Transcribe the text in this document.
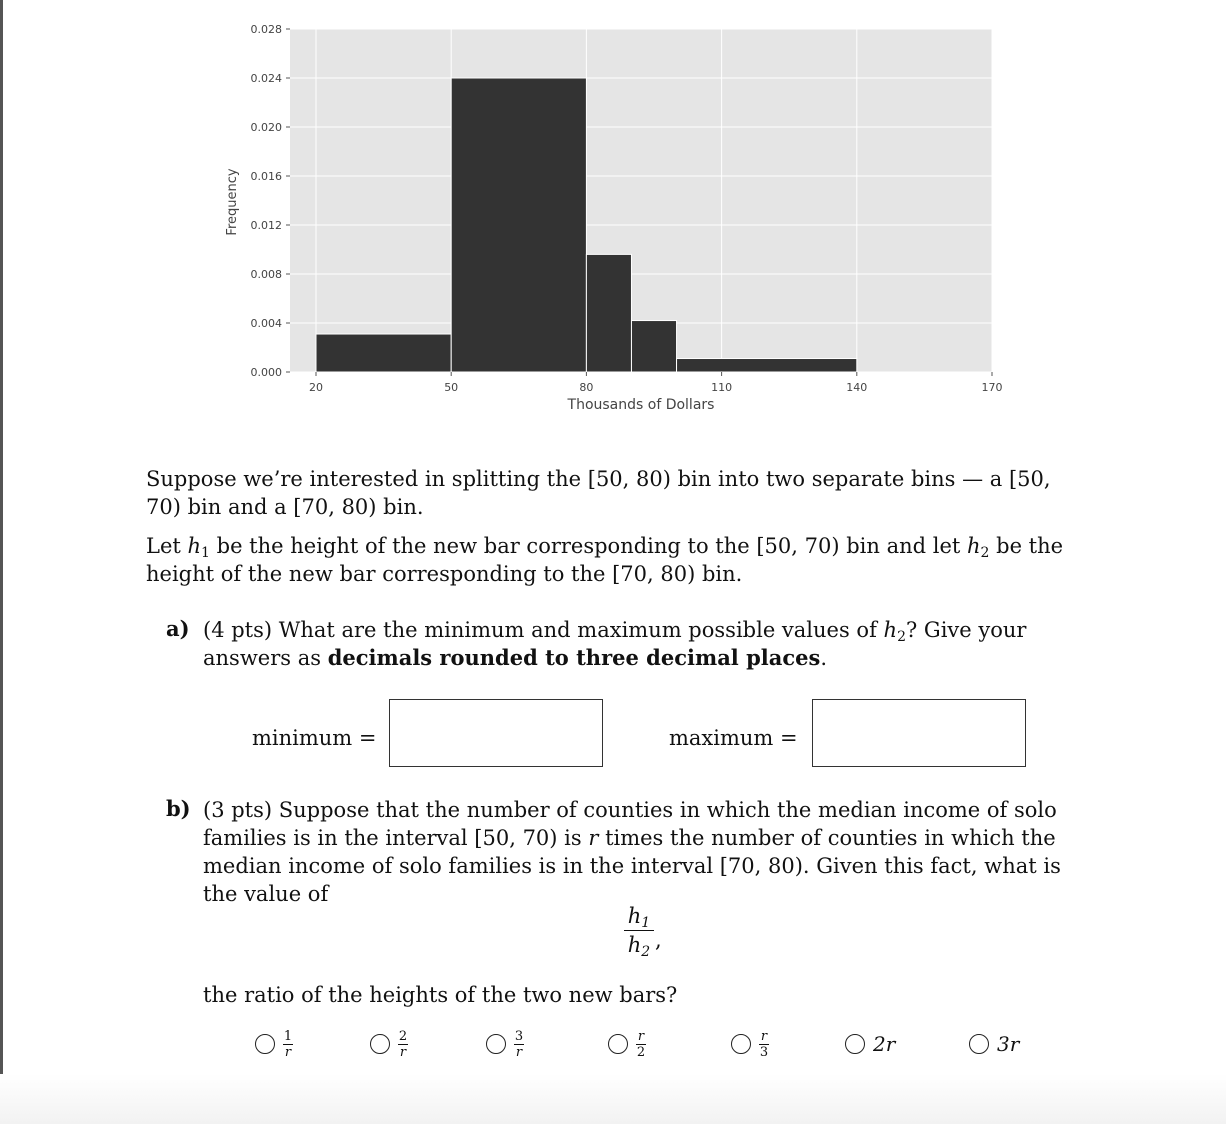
0.000
0.004
0.008
0.012
0.016
0.020
0.024
0.028
20	50	80	110	140	170
Thousands of Dollars
Frequency
Suppose we’re interested in splitting the [50, 80) bin into two separate bins — a [50, 70) bin and a [70, 80) bin.
Let $h_1$ be the height of the new bar corresponding to the [50, 70) bin and let $h_2$ be the height of the new bar corresponding to the [70, 80) bin.
a) (4 pts) What are the minimum and maximum possible values of $h_2$? Give your answers as decimals rounded to three decimal places.
minimum =	maximum =
b) (3 pts) Suppose that the number of counties in which the median income of solo families is in the interval [50, 70) is r times the number of counties in which the median income of solo families is in the interval [70, 80). Given this fact, what is the value of
$h_1$
$h_2$ ,
the ratio of the heights of the two new bars?
$\frac{1}{r}$	$\frac{2}{r}$	$\frac{3}{r}$	$\frac{r}{2}$	$\frac{r}{3}$	2r	3r
